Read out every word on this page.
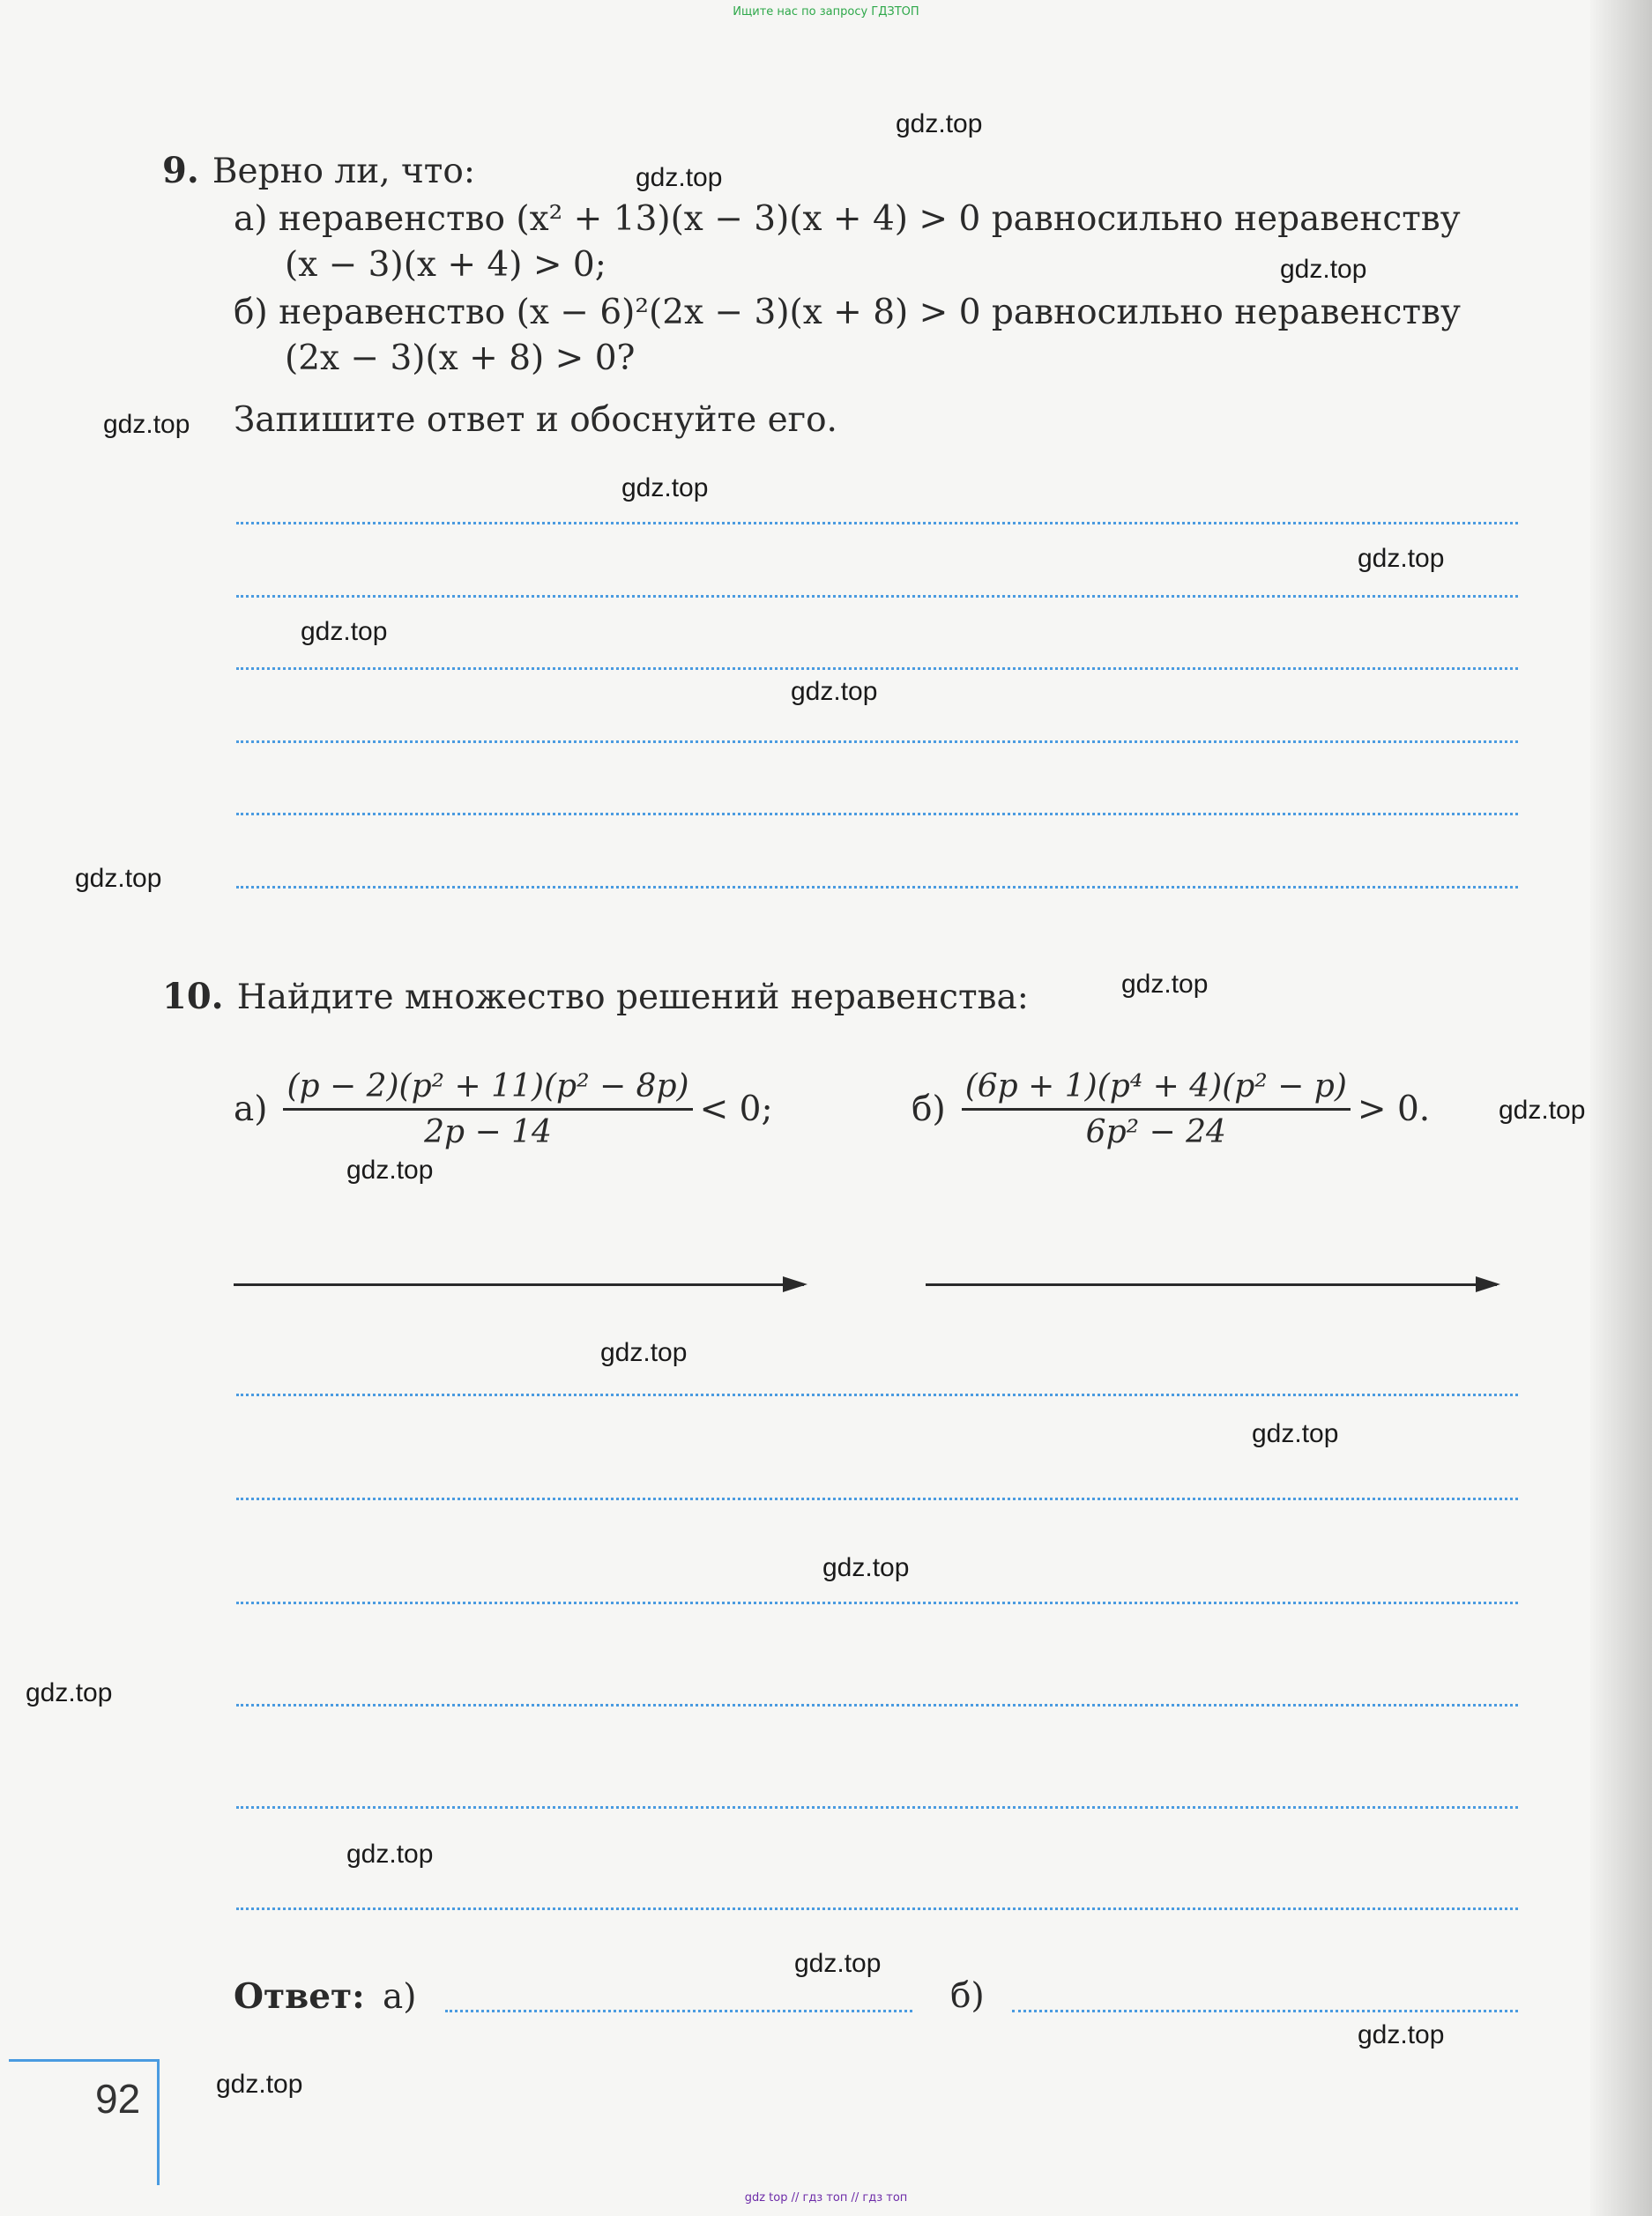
Ищите нас по запросу ГДЗТОП
9. Верно ли, что:
а) неравенство (x² + 13)(x − 3)(x + 4) > 0 равносильно неравенству
(x − 3)(x + 4) > 0;
б) неравенство (x − 6)²(2x − 3)(x + 8) > 0 равносильно неравенству
(2x − 3)(x + 8) > 0?
Запишите ответ и обоснуйте его.
10. Найдите множество решений неравенства:
$а) \frac{\text{(p − 2)(p² + 11)(p² − 8p)}}{2p - 14} < 0$;	$б) \frac{\text{(6p + 1)(p⁴ + 4)(p² − p)}}{\text{6p² − 24}} > 0$.
Ответ: а)	б)
92
gdz.top
gdz.top
gdz.top
gdz.top
gdz.top
gdz.top
gdz.top
gdz.top
gdz.top
gdz.top
gdz.top
gdz.top
gdz.top
gdz.top
gdz.top
gdz.top
gdz.top
gdz.top
gdz.top
gdz.top
gdz top // гдз топ // гдз топ
